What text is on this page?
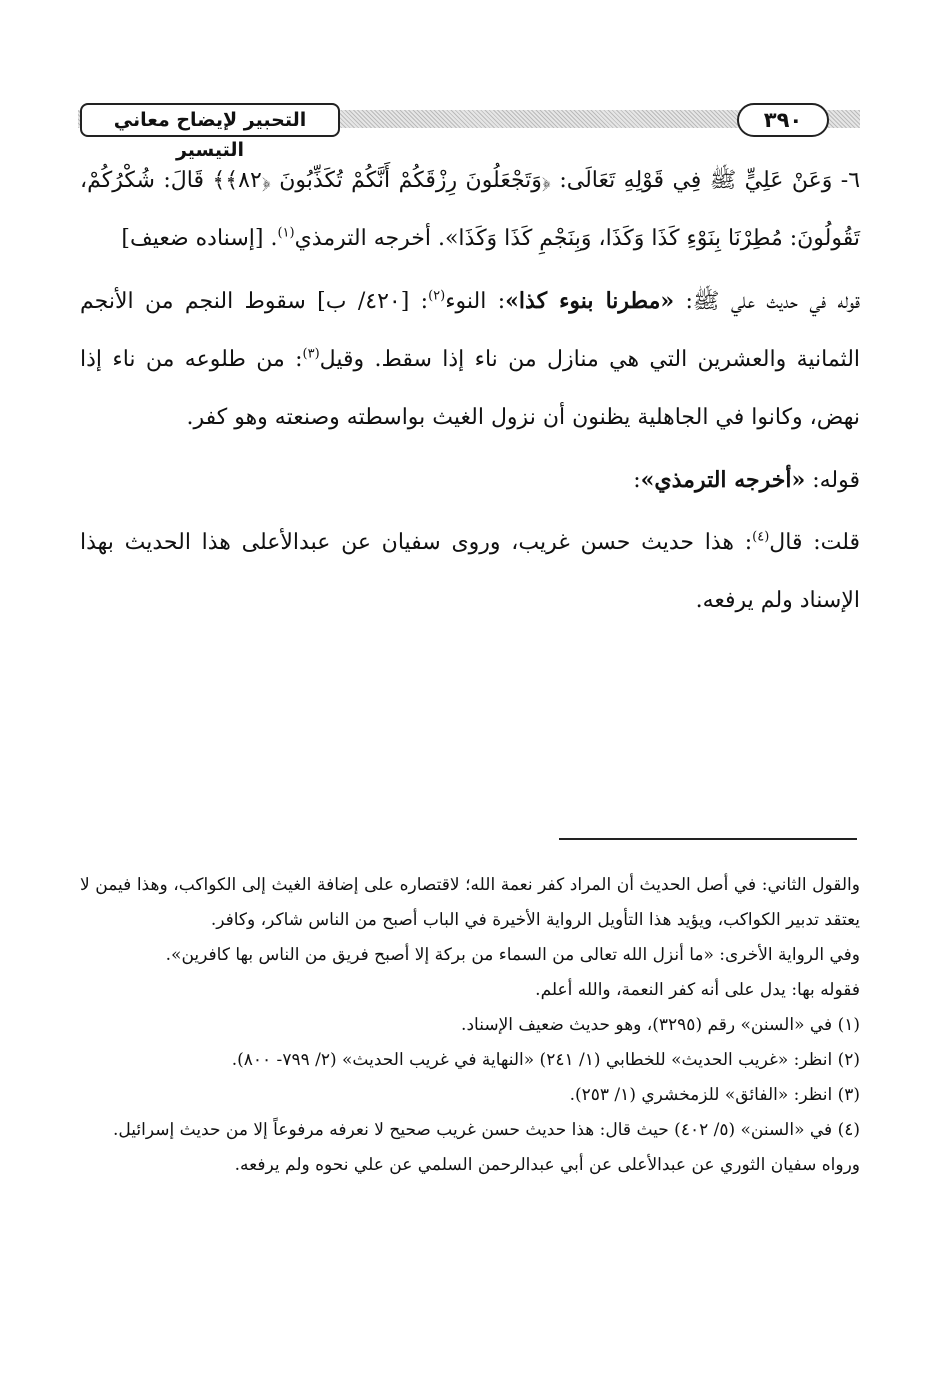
التحبير لإيضاح معاني التيسير
٣٩٠

٦- وَعَنْ عَلِيٍّ ﷺ فِي قَوْلِهِ تَعَالَى: ﴿وَتَجْعَلُونَ رِزْقَكُمْ أَنَّكُمْ تُكَذِّبُونَ ﴿٨٢﴾﴾ قَالَ: شُكْرُكُمْ، تَقُولُونَ: مُطِرْنَا بِنَوْءِ كَذَا وَكَذَا، وَبِنَجْمِ كَذَا وَكَذَا». أخرجه الترمذي$^{(١)}$. [إسناده ضعيف]

قوله في حديث علي ﷺ: «مطرنا بنوء كذا»: النوء$^{(٢)}$: [٤٢٠/ ب] سقوط النجم من الأنجم الثمانية والعشرين التي هي منازل من ناء إذا سقط. وقيل$^{(٣)}$: من طلوعه من ناء إذا نهض، وكانوا في الجاهلية يظنون أن نزول الغيث بواسطته وصنعته وهو كفر.

قوله: «أخرجه الترمذي»:

قلت: قال$^{(٤)}$: هذا حديث حسن غريب، وروى سفيان عن عبدالأعلى هذا الحديث بهذا الإسناد ولم يرفعه.

والقول الثاني: في أصل الحديث أن المراد كفر نعمة الله؛ لاقتصاره على إضافة الغيث إلى الكواكب، وهذا فيمن لا يعتقد تدبير الكواكب، ويؤيد هذا التأويل الرواية الأخيرة في الباب أصبح من الناس شاكر، وكافر.

وفي الرواية الأخرى: «ما أنزل الله تعالى من السماء من بركة إلا أصبح فريق من الناس بها كافرين».

فقوله بها: يدل على أنه كفر النعمة، والله أعلم.

(١) في «السنن» رقم (٣٢٩٥)، وهو حديث ضعيف الإسناد.

(٢) انظر: «غريب الحديث» للخطابي (١/ ٢٤١) «النهاية في غريب الحديث» (٢/ ٧٩٩- ٨٠٠).

(٣) انظر: «الفائق» للزمخشري (١/ ٢٥٣).

(٤) في «السنن» (٥/ ٤٠٢) حيث قال: هذا حديث حسن غريب صحيح لا نعرفه مرفوعاً إلا من حديث إسرائيل.

ورواه سفيان الثوري عن عبدالأعلى عن أبي عبدالرحمن السلمي عن علي نحوه ولم يرفعه.
